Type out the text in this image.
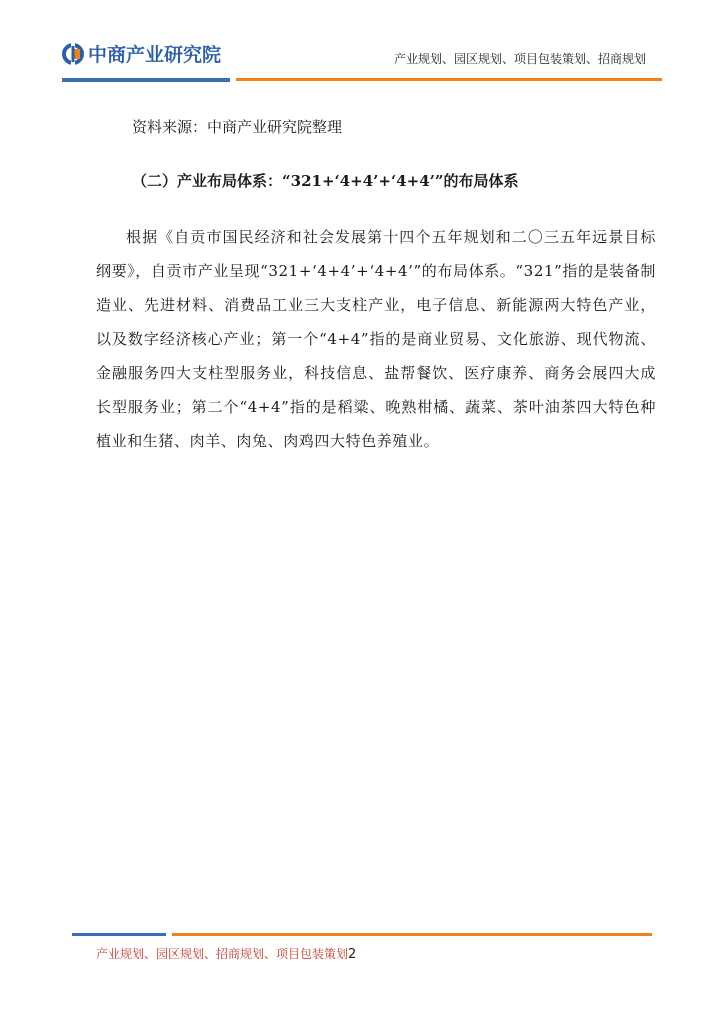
中商产业研究院	产业规划、园区规划、项目包装策划、招商规划
资料来源：中商产业研究院整理
（二）产业布局体系：“321+‘4+4’+‘4+4’”的布局体系
根据《自贡市国民经济和社会发展第十四个五年规划和二〇三五年远景目标纲要》，自贡市产业呈现“321+‘4+4’+‘4+4’”的布局体系。“321”指的是装备制造业、先进材料、消费品工业三大支柱产业，电子信息、新能源两大特色产业，以及数字经济核心产业；第一个“4+4”指的是商业贸易、文化旅游、现代物流、金融服务四大支柱型服务业，科技信息、盐帮餐饮、医疗康养、商务会展四大成长型服务业；第二个“4+4”指的是稻粱、晚熟柑橘、蔬菜、茶叶油茶四大特色种植业和生猪、肉羊、肉兔、肉鸡四大特色养殖业。
产业规划、园区规划、招商规划、项目包装策划2
